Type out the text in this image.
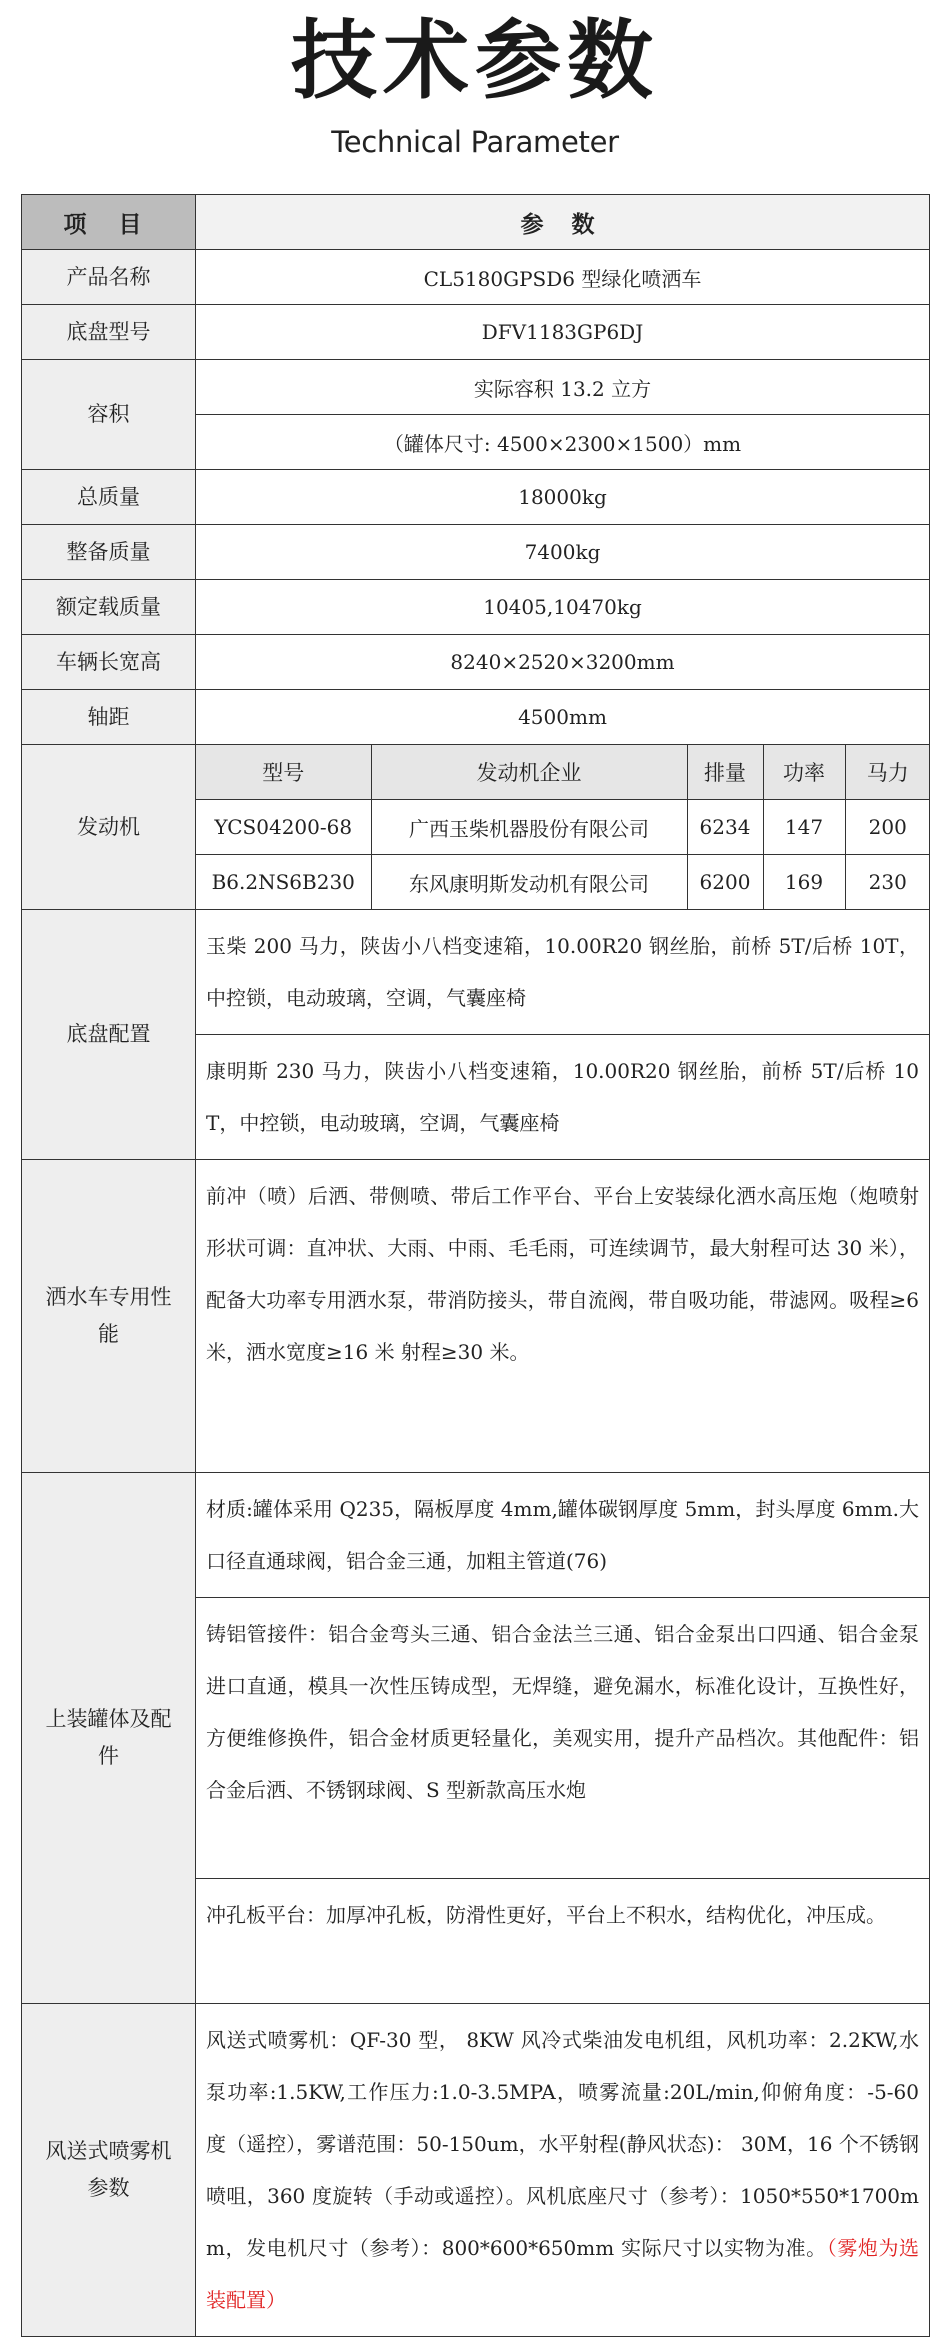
技术参数
Technical Parameter
项 目	参 数
产品名称	CL5180GPSD6 型绿化喷洒车
底盘型号	DFV1183GP6DJ
容积	实际容积 13.2 立方
（罐体尺寸: 4500×2300×1500）mm
总质量	18000kg
整备质量	7400kg
额定载质量	10405,10470kg
车辆长宽高	8240×2520×3200mm
轴距	4500mm
发动机	
型号	发动机企业	排量	功率	马力
YCS04200-68	广西玉柴机器股份有限公司	6234	147	200
B6.2NS6B230	东风康明斯发动机有限公司	6200	169	230

底盘配置	玉柴 200 马力，陕齿小八档变速箱，10.00R20 钢丝胎，前桥 5T/后桥 10T，中控锁，电动玻璃，空调，气囊座椅
康明斯 230 马力，陕齿小八档变速箱，10.00R20 钢丝胎，前桥 5T/后桥 10T，中控锁，电动玻璃，空调，气囊座椅
洒水车专用性能	前冲（喷）后洒、带侧喷、带后工作平台、平台上安装绿化洒水高压炮（炮喷射形状可调：直冲状、大雨、中雨、毛毛雨，可连续调节，最大射程可达 30 米），配备大功率专用洒水泵，带消防接头，带自流阀，带自吸功能，带滤网。吸程≥6 米，洒水宽度≥16 米 射程≥30 米。
上装罐体及配件	材质:罐体采用 Q235，隔板厚度 4mm,罐体碳钢厚度 5mm，封头厚度 6mm.大口径直通球阀，铝合金三通，加粗主管道(76)
铸铝管接件：铝合金弯头三通、铝合金法兰三通、铝合金泵出口四通、铝合金泵进口直通，模具一次性压铸成型，无焊缝，避免漏水，标准化设计，互换性好，方便维修换件，铝合金材质更轻量化，美观实用，提升产品档次。其他配件：铝合金后洒、不锈钢球阀、S 型新款高压水炮
冲孔板平台：加厚冲孔板，防滑性更好，平台上不积水，结构优化，冲压成。
风送式喷雾机参数	风送式喷雾机：QF-30 型， 8KW 风冷式柴油发电机组，风机功率：2.2KW,水泵功率:1.5KW,工作压力:1.0-3.5MPA，喷雾流量:20L/min,仰俯角度：-5-60 度（遥控），雾谱范围：50-150um，水平射程(静风状态)： 30M，16 个不锈钢喷咀，360 度旋转（手动或遥控）。风机底座尺寸（参考）：1050*550*1700mm，发电机尺寸（参考）：800*600*650mm 实际尺寸以实物为准。（雾炮为选装配置）
